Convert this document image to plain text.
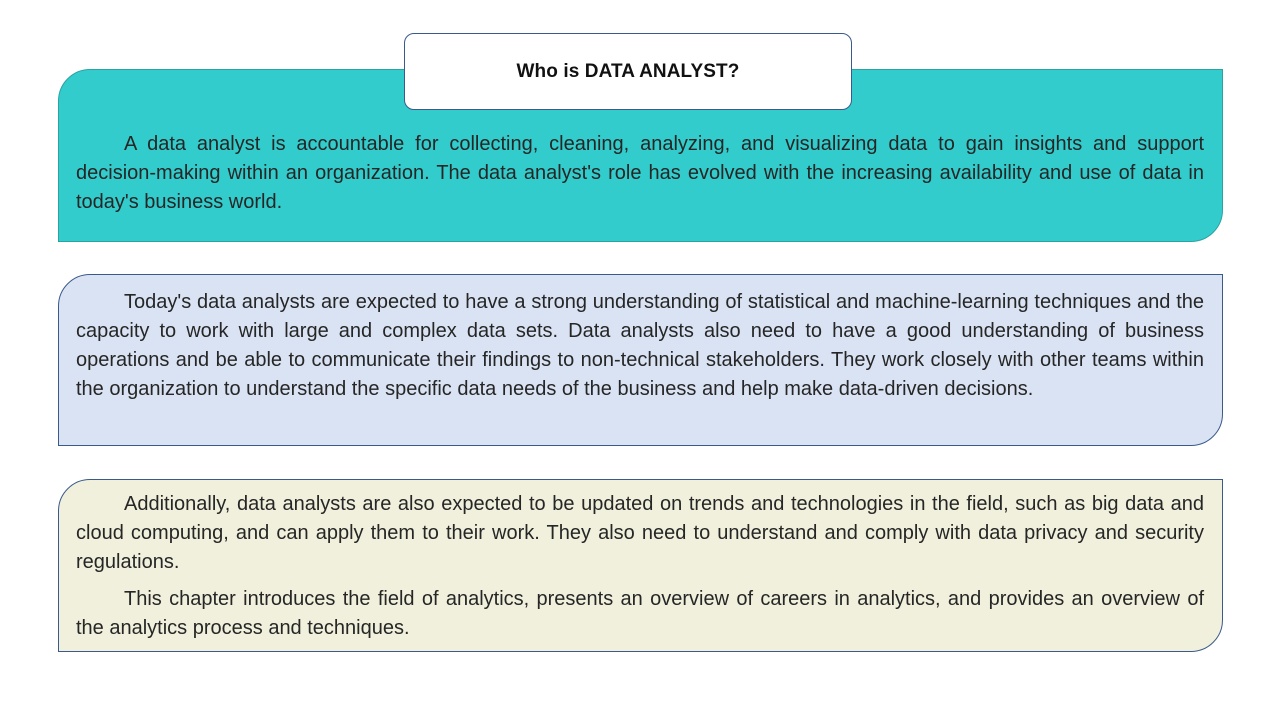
Who is DATA ANALYST?

A data analyst is accountable for collecting, cleaning, analyzing, and visualizing data to gain insights and support decision-making within an organization. The data analyst's role has evolved with the increasing availability and use of data in today's business world.

Today's data analysts are expected to have a strong understanding of statistical and machine-learning techniques and the capacity to work with large and complex data sets. Data analysts also need to have a good understanding of business operations and be able to communicate their findings to non-technical stakeholders. They work closely with other teams within the organization to understand the specific data needs of the business and help make data-driven decisions.

Additionally, data analysts are also expected to be updated on trends and technologies in the field, such as big data and cloud computing, and can apply them to their work. They also need to understand and comply with data privacy and security regulations.

This chapter introduces the field of analytics, presents an overview of careers in analytics, and provides an overview of the analytics process and techniques.
